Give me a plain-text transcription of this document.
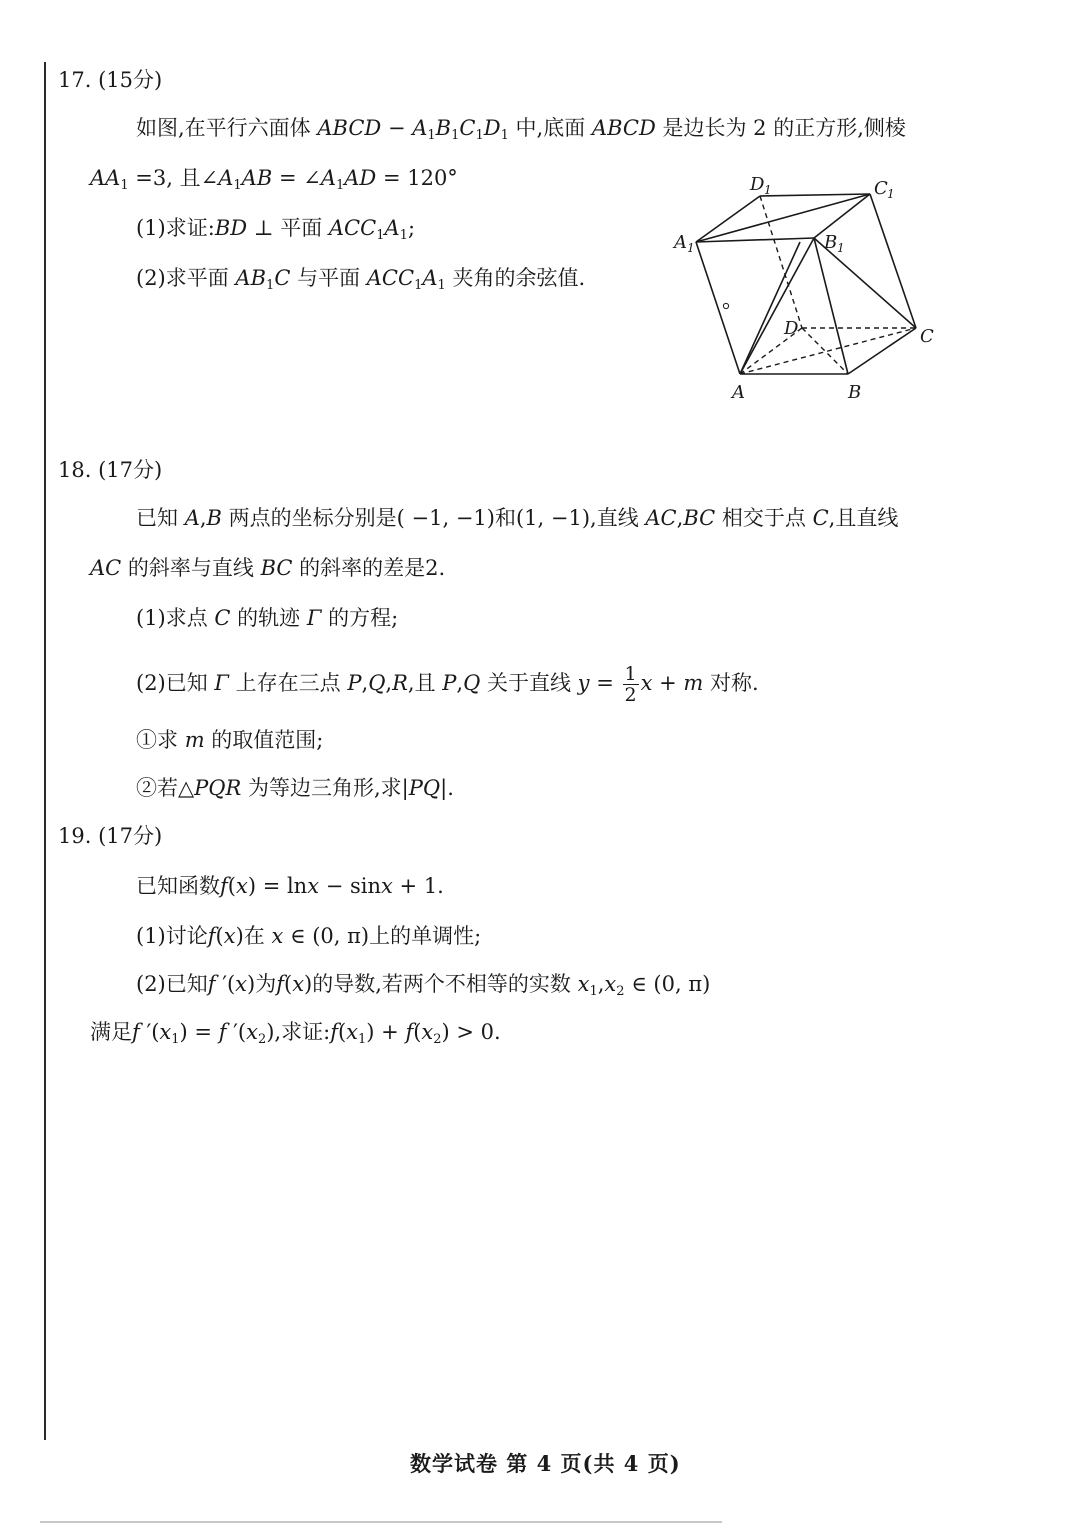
17. (15分)
如图,在平行六面体 ABCD − $A_1B_1C_1D_1$ 中,底面 ABCD 是边长为 2 的正方形,侧棱
$AA_1 =3$, 且$\angle A_1AB$ = $\angle A_1AD = 120^\circ$
(1)求证:BD ⊥ 平面 $ACC_1A_1$;
(2)求平面 $AB_1C$ 与平面 $ACC_1A_1$ 夹角的余弦值.
D 1	C 1
A 1	B 1
D	C
A	B
18. (17分)
已知 A,B 两点的坐标分别是( −1, −1)和(1, −1),直线 AC,BC 相交于点 C,且直线
AC 的斜率与直线 BC 的斜率的差是2.
(1)求点 C 的轨迹 Γ 的方程;
(2)已知 Γ 上存在三点 P,Q,R,且 P,Q 关于直线 $y = \frac{1}{2}$ x + m 对称.
①求 m 的取值范围;
②若△PQR 为等边三角形,求|PQ|.
19. (17分)
已知函数f(x) = lnx − sinx + 1.
(1)讨论f(x)在 x ∈ (0, π)上的单调性;
(2)已知f ′(x)为f(x)的导数,若两个不相等的实数 $x_1,x_2$ ∈ (0, π)
满足f $'(x_1) = f$ $'(x_2)$,求证$:f(x_1) + f(x_2) > 0$.
数学试卷 第 4 页(共 4 页)
